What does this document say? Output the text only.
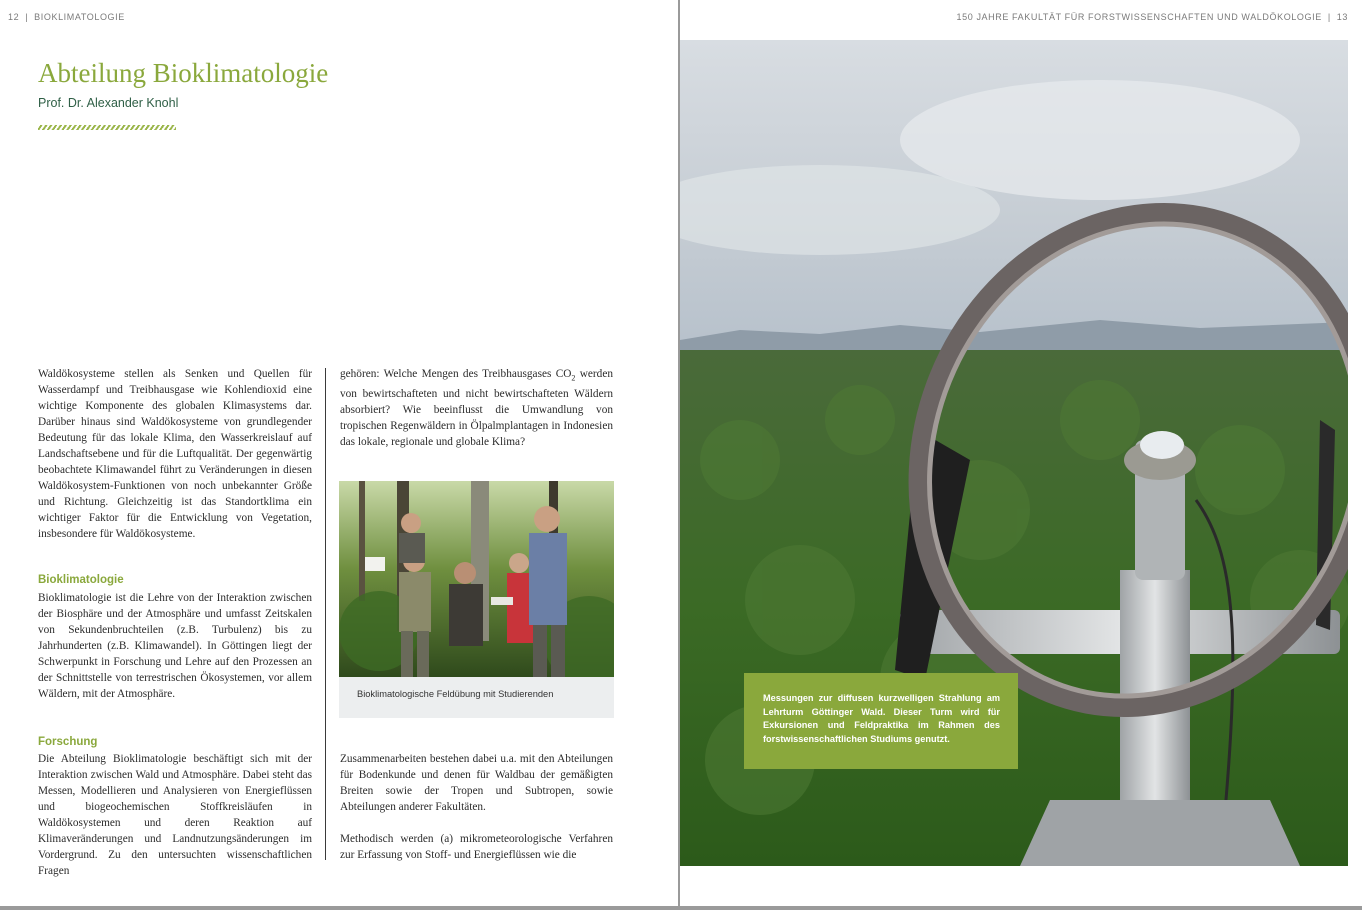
12 | BIOKLIMATOLOGIE
Abteilung Bioklimatologie
Prof. Dr. Alexander Knohl

Waldökosysteme stellen als Senken und Quellen für Wasserdampf und Treibhausgase wie Kohlendioxid eine wichtige Komponente des globalen Klimasystems dar. Darüber hinaus sind Waldökosysteme von grundlegender Bedeutung für das lokale Klima, den Wasserkreislauf auf Landschaftsebene und für die Luftqualität. Der gegenwärtig beobachtete Klimawandel führt zu Veränderungen in diesen Waldökosystem-Funktionen von noch unbekannter Größe und Richtung. Gleichzeitig ist das Standortklima ein wichtiger Faktor für die Entwicklung von Vegetation, insbesondere für Waldökosysteme.

Bioklimatologie

Bioklimatologie ist die Lehre von der Interaktion zwischen der Biosphäre und der Atmosphäre und umfasst Zeitskalen von Sekundenbruchteilen (z.B. Turbulenz) bis zu Jahrhunderten (z.B. Klimawandel). In Göttingen liegt der Schwerpunkt in Forschung und Lehre auf den Prozessen an der Schnittstelle von terrestrischen Ökosystemen, vor allem Wäldern, mit der Atmosphäre.

Forschung

Die Abteilung Bioklimatologie beschäftigt sich mit der Interaktion zwischen Wald und Atmosphäre. Dabei steht das Messen, Modellieren und Analysieren von Energieflüssen und biogeochemischen Stoffkreisläufen in Waldökosystemen und deren Reaktion auf Klimaveränderungen und Landnutzungsänderungen im Vordergrund. Zu den untersuchten wissenschaftlichen Fragen

gehören: Welche Mengen des Treibhausgases $CO_2$ werden von bewirtschafteten und nicht bewirtschafteten Wäldern absorbiert? Wie beeinflusst die Umwandlung von tropischen Regenwäldern in Ölpalmplantagen in Indonesien das lokale, regionale und globale Klima?

Bioklimatologische Feldübung mit Studierenden

Zusammenarbeiten bestehen dabei u.a. mit den Abteilungen für Bodenkunde und denen für Waldbau der gemäßigten Breiten sowie der Tropen und Subtropen, sowie Abteilungen anderer Fakultäten.

Methodisch werden (a) mikrometeorologische Verfahren zur Erfassung von Stoff- und Energieflüssen wie die

150 JAHRE FAKULTÄT FÜR FORSTWISSENSCHAFTEN UND WALDÖKOLOGIE | 13
Messungen zur diffusen kurzwelligen Strahlung am Lehrturm Göttinger Wald. Dieser Turm wird für Exkursionen und Feldpraktika im Rahmen des forstwissenschaftlichen Studiums genutzt.
